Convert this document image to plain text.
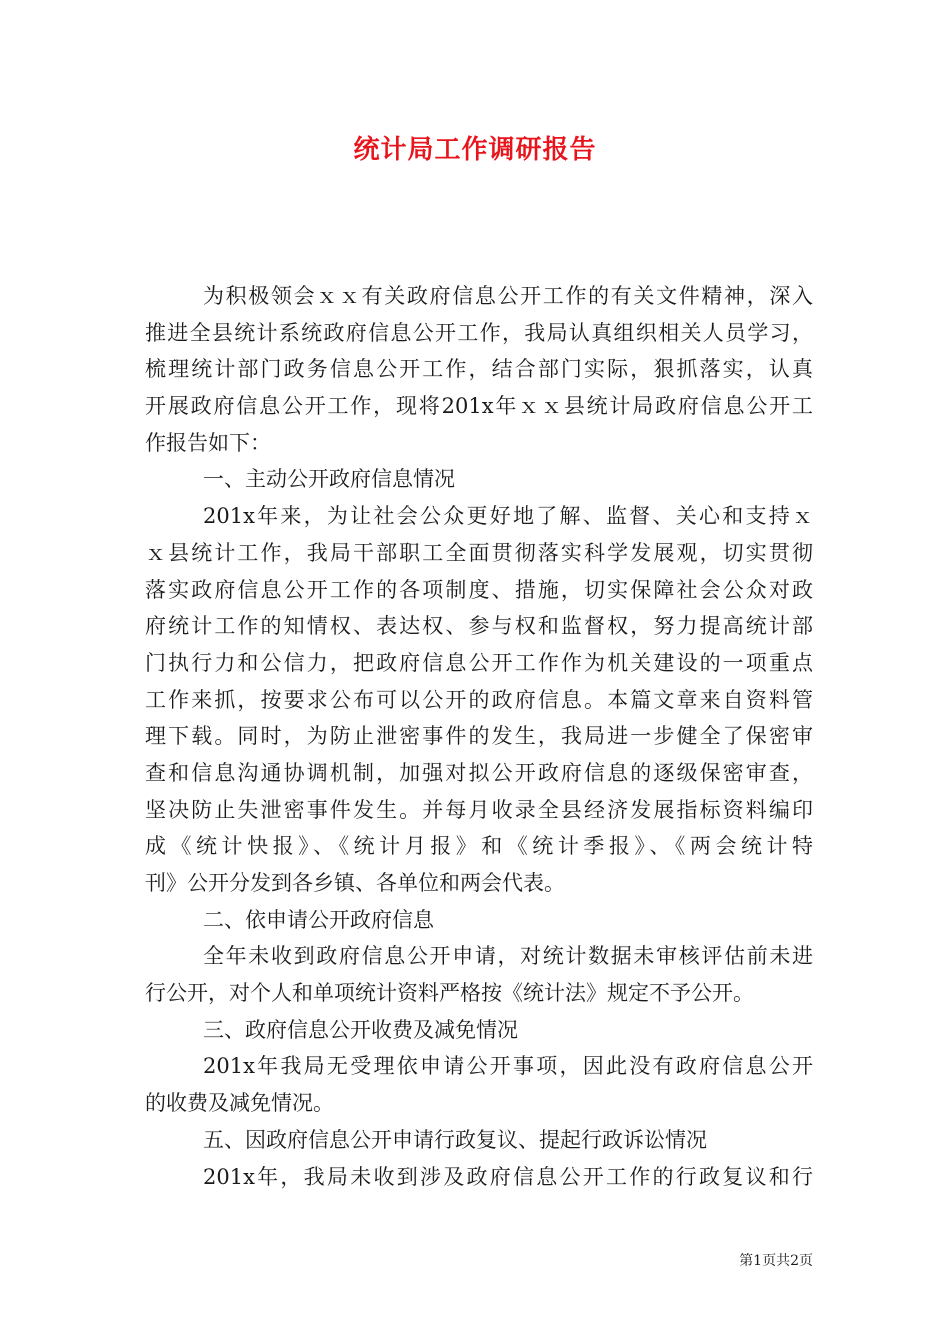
统计局工作调研报告
为积极领会ｘｘ有关政府信息公开工作的有关文件精神，深入
推进全县统计系统政府信息公开工作，我局认真组织相关人员学习，
梳理统计部门政务信息公开工作，结合部门实际，狠抓落实，认真
开展政府信息公开工作，现将201x年ｘｘ县统计局政府信息公开工
作报告如下：
一、主动公开政府信息情况
201x年来，为让社会公众更好地了解、监督、关心和支持ｘ
ｘ县统计工作，我局干部职工全面贯彻落实科学发展观，切实贯彻
落实政府信息公开工作的各项制度、措施，切实保障社会公众对政
府统计工作的知情权、表达权、参与权和监督权，努力提高统计部
门执行力和公信力，把政府信息公开工作作为机关建设的一项重点
工作来抓，按要求公布可以公开的政府信息。本篇文章来自资料管
理下载。同时，为防止泄密事件的发生，我局进一步健全了保密审
查和信息沟通协调机制，加强对拟公开政府信息的逐级保密审查，
坚决防止失泄密事件发生。并每月收录全县经济发展指标资料编印
成《统计快报》、《统计月报》和《统计季报》、《两会统计特
刊》公开分发到各乡镇、各单位和两会代表。
二、依申请公开政府信息
全年未收到政府信息公开申请，对统计数据未审核评估前未进
行公开，对个人和单项统计资料严格按《统计法》规定不予公开。
三、政府信息公开收费及减免情况
201x年我局无受理依申请公开事项，因此没有政府信息公开
的收费及减免情况。
五、因政府信息公开申请行政复议、提起行政诉讼情况
201x年，我局未收到涉及政府信息公开工作的行政复议和行
第1页共2页
